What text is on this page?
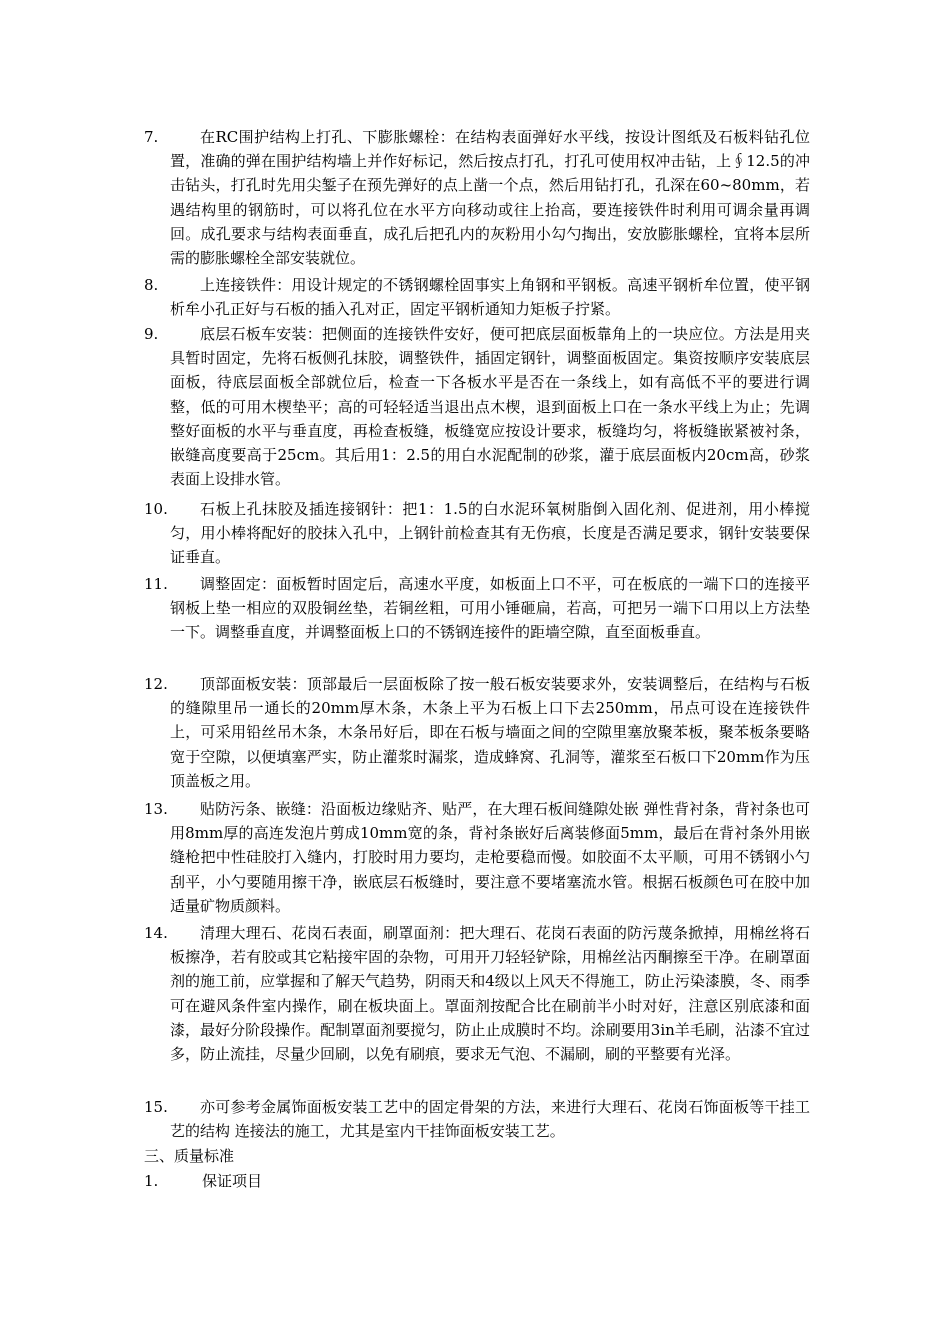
7.	在RC围护结构上打孔、下膨胀螺栓：在结构表面弹好水平线，按设计图纸及石板料钻孔位置，准确的弹在围护结构墙上并作好标记，然后按点打孔，打孔可使用权冲击钻，上∮12.5的冲击钻头，打孔时先用尖錾子在预先弹好的点上凿一个点，然后用钻打孔，孔深在60~80mm，若遇结构里的钢筋时，可以将孔位在水平方向移动或往上抬高，要连接铁件时利用可调余量再调回。成孔要求与结构表面垂直，成孔后把孔内的灰粉用小勾勺掏出，安放膨胀螺栓，宜将本层所需的膨胀螺栓全部安装就位。
8.	上连接铁件：用设计规定的不锈钢螺栓固事实上角钢和平钢板。高速平钢析牟位置，使平钢析牟小孔正好与石板的插入孔对正，固定平钢析通知力矩板子拧紧。
9.	底层石板车安装：把侧面的连接铁件安好，便可把底层面板靠角上的一块应位。方法是用夹具暂时固定，先将石板侧孔抹胶，调整铁件，插固定钢针，调整面板固定。集资按顺序安装底层面板，待底层面板全部就位后，检查一下各板水平是否在一条线上，如有高低不平的要进行调整，低的可用木楔垫平；高的可轻轻适当退出点木楔，退到面板上口在一条水平线上为止；先调整好面板的水平与垂直度，再检查板缝，板缝宽应按设计要求，板缝均匀，将板缝嵌紧被衬条，嵌缝高度要高于25cm。其后用1：2.5的用白水泥配制的砂浆，灌于底层面板内20cm高，砂浆表面上设排水管。
10.	石板上孔抹胶及插连接钢针：把1：1.5的白水泥环氧树脂倒入固化剂、促进剂，用小棒搅匀，用小棒将配好的胶抹入孔中，上钢针前检查其有无伤痕，长度是否满足要求，钢针安装要保证垂直。
11.	调整固定：面板暂时固定后，高速水平度，如板面上口不平，可在板底的一端下口的连接平钢板上垫一相应的双股铜丝垫，若铜丝粗，可用小锤砸扁，若高，可把另一端下口用以上方法垫一下。调整垂直度，并调整面板上口的不锈钢连接件的距墙空隙，直至面板垂直。
12.	顶部面板安装：顶部最后一层面板除了按一般石板安装要求外，安装调整后，在结构与石板的缝隙里吊一通长的20mm厚木条，木条上平为石板上口下去250mm，吊点可设在连接铁件上，可采用铅丝吊木条，木条吊好后，即在石板与墙面之间的空隙里塞放聚苯板，聚苯板条要略宽于空隙，以便填塞严实，防止灌浆时漏浆，造成蜂窝、孔洞等，灌浆至石板口下20mm作为压顶盖板之用。
13.	贴防污条、嵌缝：沿面板边缘贴齐、贴严，在大理石板间缝隙处嵌 弹性背衬条，背衬条也可用8mm厚的高连发泡片剪成10mm宽的条，背衬条嵌好后离装修面5mm，最后在背衬条外用嵌缝枪把中性硅胶打入缝内，打胶时用力要均，走枪要稳而慢。如胶面不太平顺，可用不锈钢小勺刮平，小勺要随用擦干净，嵌底层石板缝时，要注意不要堵塞流水管。根据石板颜色可在胶中加适量矿物质颜料。
14.	清理大理石、花岗石表面，刷罩面剂：把大理石、花岗石表面的防污蔑条掀掉，用棉丝将石板擦净，若有胶或其它粘接牢固的杂物，可用开刀轻轻铲除，用棉丝沾丙酮擦至干净。在刷罩面剂的施工前，应掌握和了解天气趋势，阴雨天和4级以上风天不得施工，防止污染漆膜，冬、雨季可在避风条件室内操作，刷在板块面上。罩面剂按配合比在刷前半小时对好，注意区别底漆和面漆，最好分阶段操作。配制罩面剂要搅匀，防止止成膜时不均。涂刷要用3in羊毛刷，沾漆不宜过多，防止流挂，尽量少回刷，以免有刷痕，要求无气泡、不漏刷，刷的平整要有光泽。
15.	亦可参考金属饰面板安装工艺中的固定骨架的方法，来进行大理石、花岗石饰面板等干挂工艺的结构 连接法的施工，尤其是室内干挂饰面板安装工艺。
三、质量标准
1.	保证项目
